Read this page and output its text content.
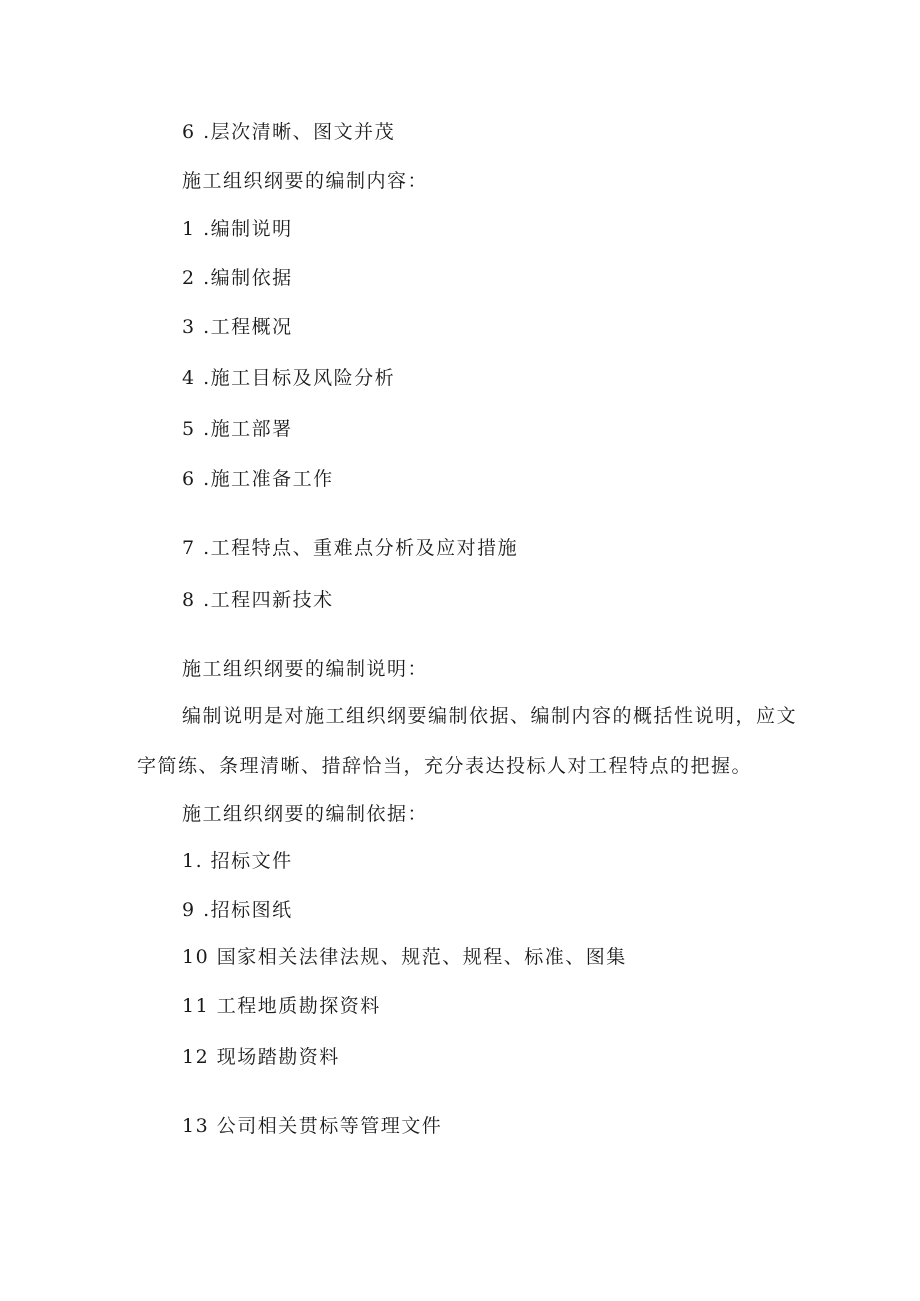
6 .层次清晰、图文并茂
施工组织纲要的编制内容：
1 .编制说明
2 .编制依据
3 .工程概况
4 .施工目标及风险分析
5 .施工部署
6 .施工准备工作
7 .工程特点、重难点分析及应对措施
8 .工程四新技术
施工组织纲要的编制说明：
编制说明是对施工组织纲要编制依据、编制内容的概括性说明，应文字简练、条理清晰、措辞恰当，充分表达投标人对工程特点的把握。
施工组织纲要的编制依据：
1. 招标文件
9 .招标图纸
10 国家相关法律法规、规范、规程、标准、图集
11 工程地质勘探资料
12 现场踏勘资料
13 公司相关贯标等管理文件
